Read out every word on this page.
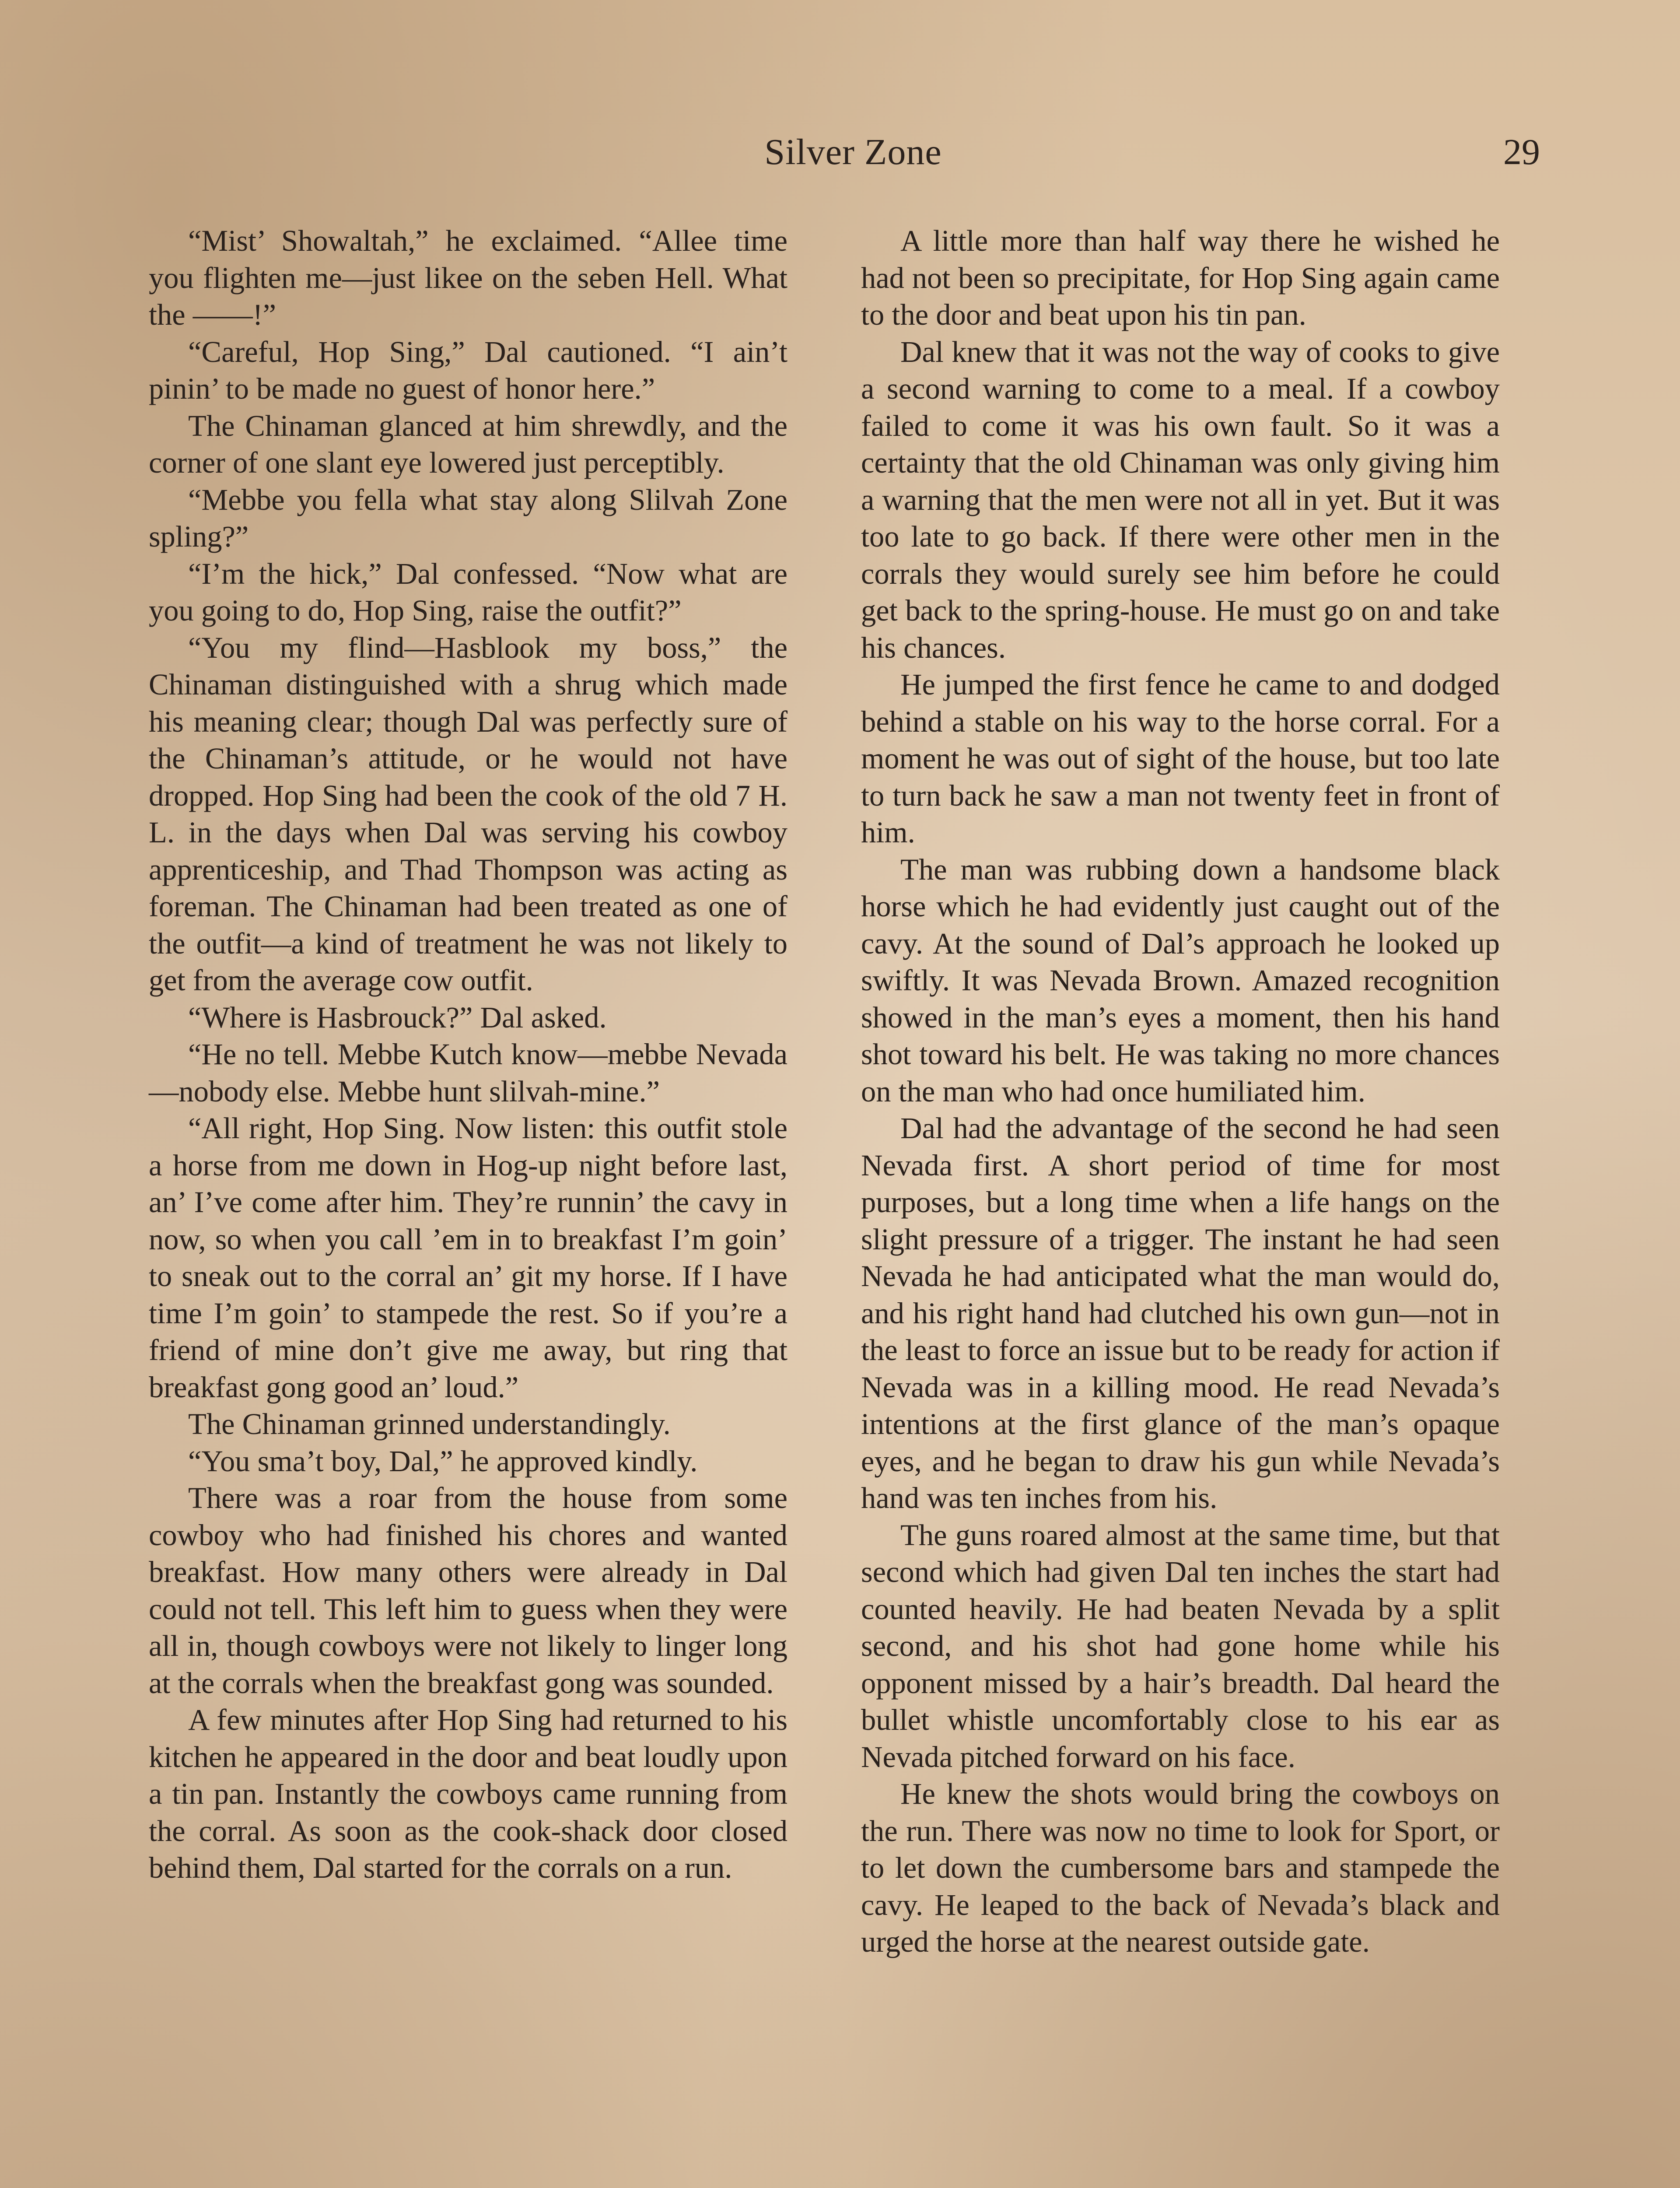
Silver Zone	29

“Mist’ Showaltah,” he exclaimed. “Allee time you flighten me—just likee on the seben Hell. What the ——!”

“Careful, Hop Sing,” Dal cautioned. “I ain’t pinin’ to be made no guest of honor here.”

The Chinaman glanced at him shrewdly, and the corner of one slant eye lowered just perceptibly.

“Mebbe you fella what stay along Slilvah Zone spling?”

“I’m the hick,” Dal confessed. “Now what are you going to do, Hop Sing, raise the outfit?”

“You my flind—Hasblook my boss,” the Chinaman distinguished with a shrug which made his meaning clear; though Dal was perfectly sure of the Chinaman’s attitude, or he would not have dropped. Hop Sing had been the cook of the old 7 H. L. in the days when Dal was serving his cowboy apprenticeship, and Thad Thompson was acting as foreman. The Chinaman had been treated as one of the outfit—a kind of treatment he was not likely to get from the average cow outfit.

“Where is Hasbrouck?” Dal asked.

“He no tell. Mebbe Kutch know—mebbe Nevada—nobody else. Mebbe hunt slilvah-mine.”

“All right, Hop Sing. Now listen: this outfit stole a horse from me down in Hog-up night before last, an’ I’ve come after him. They’re runnin’ the cavy in now, so when you call ’em in to breakfast I’m goin’ to sneak out to the corral an’ git my horse. If I have time I’m goin’ to stampede the rest. So if you’re a friend of mine don’t give me away, but ring that breakfast gong good an’ loud.”

The Chinaman grinned understandingly.

“You sma’t boy, Dal,” he approved kindly.

There was a roar from the house from some cowboy who had finished his chores and wanted breakfast. How many others were already in Dal could not tell. This left him to guess when they were all in, though cowboys were not likely to linger long at the corrals when the breakfast gong was sounded.

A few minutes after Hop Sing had returned to his kitchen he appeared in the door and beat loudly upon a tin pan. Instantly the cowboys came running from the corral. As soon as the cook-shack door closed behind them, Dal started for the corrals on a run.

A little more than half way there he wished he had not been so precipitate, for Hop Sing again came to the door and beat upon his tin pan.

Dal knew that it was not the way of cooks to give a second warning to come to a meal. If a cowboy failed to come it was his own fault. So it was a certainty that the old Chinaman was only giving him a warning that the men were not all in yet. But it was too late to go back. If there were other men in the corrals they would surely see him before he could get back to the spring-house. He must go on and take his chances.

He jumped the first fence he came to and dodged behind a stable on his way to the horse corral. For a moment he was out of sight of the house, but too late to turn back he saw a man not twenty feet in front of him.

The man was rubbing down a handsome black horse which he had evidently just caught out of the cavy. At the sound of Dal’s approach he looked up swiftly. It was Nevada Brown. Amazed recognition showed in the man’s eyes a moment, then his hand shot toward his belt. He was taking no more chances on the man who had once humiliated him.

Dal had the advantage of the second he had seen Nevada first. A short period of time for most purposes, but a long time when a life hangs on the slight pressure of a trigger. The instant he had seen Nevada he had anticipated what the man would do, and his right hand had clutched his own gun—not in the least to force an issue but to be ready for action if Nevada was in a killing mood. He read Nevada’s intentions at the first glance of the man’s opaque eyes, and he began to draw his gun while Nevada’s hand was ten inches from his.

The guns roared almost at the same time, but that second which had given Dal ten inches the start had counted heavily. He had beaten Nevada by a split second, and his shot had gone home while his opponent missed by a hair’s breadth. Dal heard the bullet whistle uncomfortably close to his ear as Nevada pitched forward on his face.

He knew the shots would bring the cowboys on the run. There was now no time to look for Sport, or to let down the cumbersome bars and stampede the cavy. He leaped to the back of Nevada’s black and urged the horse at the nearest outside gate.
